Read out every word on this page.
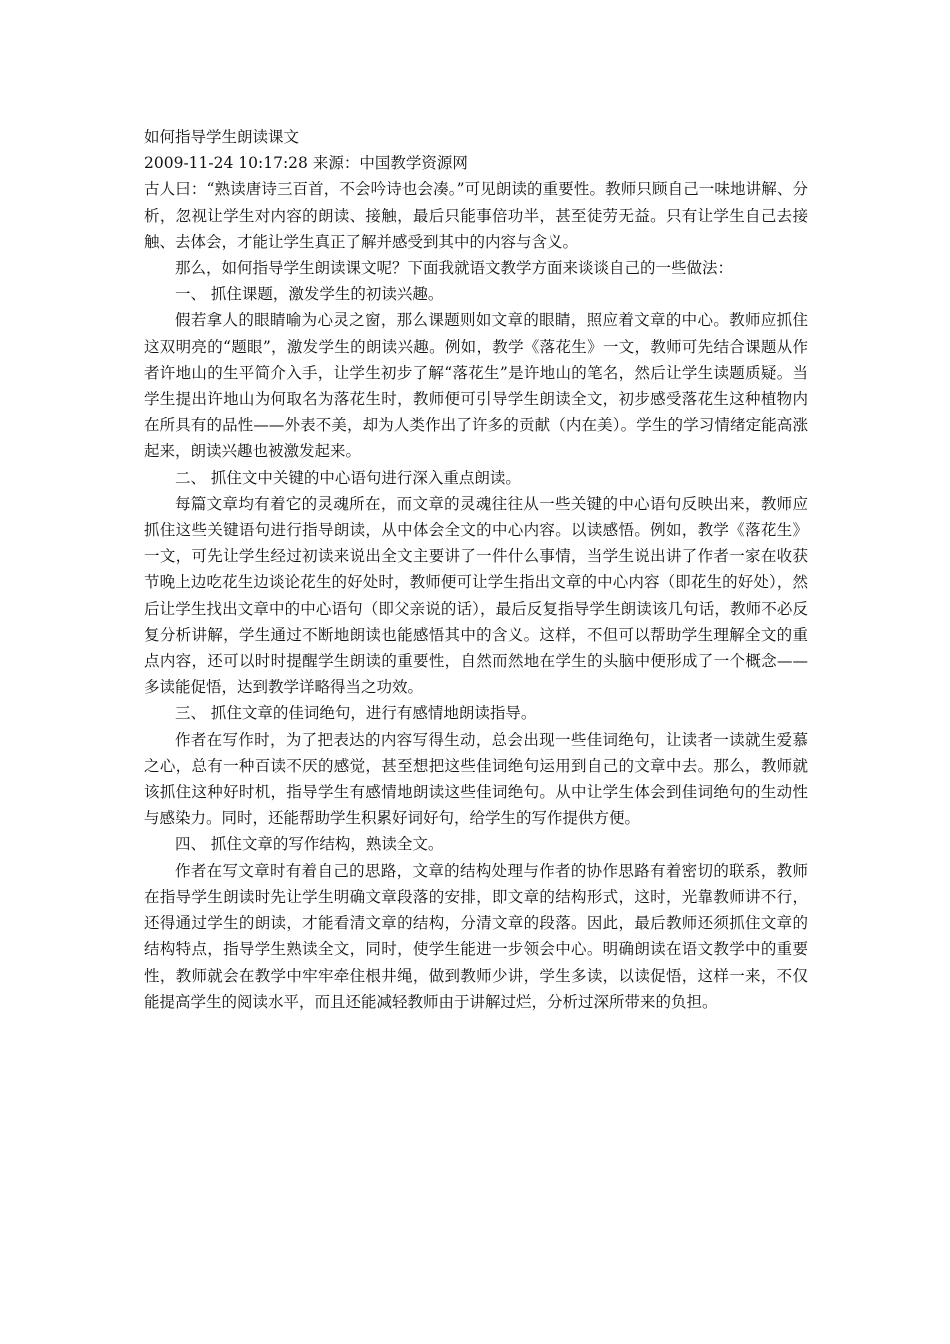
如何指导学生朗读课文

2009-11-24 10:17:28 来源：中国教学资源网

古人曰：“熟读唐诗三百首，不会吟诗也会凑。”可见朗读的重要性。教师只顾自己一味地讲解、分析，忽视让学生对内容的朗读、接触，最后只能事倍功半，甚至徒劳无益。只有让学生自己去接触、去体会，才能让学生真正了解并感受到其中的内容与含义。

那么，如何指导学生朗读课文呢？下面我就语文教学方面来谈谈自己的一些做法：

一、 抓住课题，激发学生的初读兴趣。

假若拿人的眼睛喻为心灵之窗，那么课题则如文章的眼睛，照应着文章的中心。教师应抓住这双明亮的“题眼”，激发学生的朗读兴趣。例如，教学《落花生》一文，教师可先结合课题从作者许地山的生平简介入手，让学生初步了解“落花生”是许地山的笔名，然后让学生读题质疑。当学生提出许地山为何取名为落花生时，教师便可引导学生朗读全文，初步感受落花生这种植物内在所具有的品性——外表不美，却为人类作出了许多的贡献（内在美）。学生的学习情绪定能高涨起来，朗读兴趣也被激发起来。

二、 抓住文中关键的中心语句进行深入重点朗读。

每篇文章均有着它的灵魂所在，而文章的灵魂往往从一些关键的中心语句反映出来，教师应抓住这些关键语句进行指导朗读，从中体会全文的中心内容。以读感悟。例如，教学《落花生》一文，可先让学生经过初读来说出全文主要讲了一件什么事情，当学生说出讲了作者一家在收获节晚上边吃花生边谈论花生的好处时，教师便可让学生指出文章的中心内容（即花生的好处），然后让学生找出文章中的中心语句（即父亲说的话），最后反复指导学生朗读该几句话，教师不必反复分析讲解，学生通过不断地朗读也能感悟其中的含义。这样，不但可以帮助学生理解全文的重点内容，还可以时时提醒学生朗读的重要性，自然而然地在学生的头脑中便形成了一个概念——多读能促悟，达到教学详略得当之功效。

三、 抓住文章的佳词绝句，进行有感情地朗读指导。

作者在写作时，为了把表达的内容写得生动，总会出现一些佳词绝句，让读者一读就生爱慕之心，总有一种百读不厌的感觉，甚至想把这些佳词绝句运用到自己的文章中去。那么，教师就该抓住这种好时机，指导学生有感情地朗读这些佳词绝句。从中让学生体会到佳词绝句的生动性与感染力。同时，还能帮助学生积累好词好句，给学生的写作提供方便。

四、 抓住文章的写作结构，熟读全文。

作者在写文章时有着自己的思路，文章的结构处理与作者的协作思路有着密切的联系，教师在指导学生朗读时先让学生明确文章段落的安排，即文章的结构形式，这时，光靠教师讲不行，还得通过学生的朗读，才能看清文章的结构，分清文章的段落。因此，最后教师还须抓住文章的结构特点，指导学生熟读全文，同时，使学生能进一步领会中心。明确朗读在语文教学中的重要性，教师就会在教学中牢牢牵住根井绳，做到教师少讲，学生多读，以读促悟，这样一来，不仅能提高学生的阅读水平，而且还能减轻教师由于讲解过烂，分析过深所带来的负担。
